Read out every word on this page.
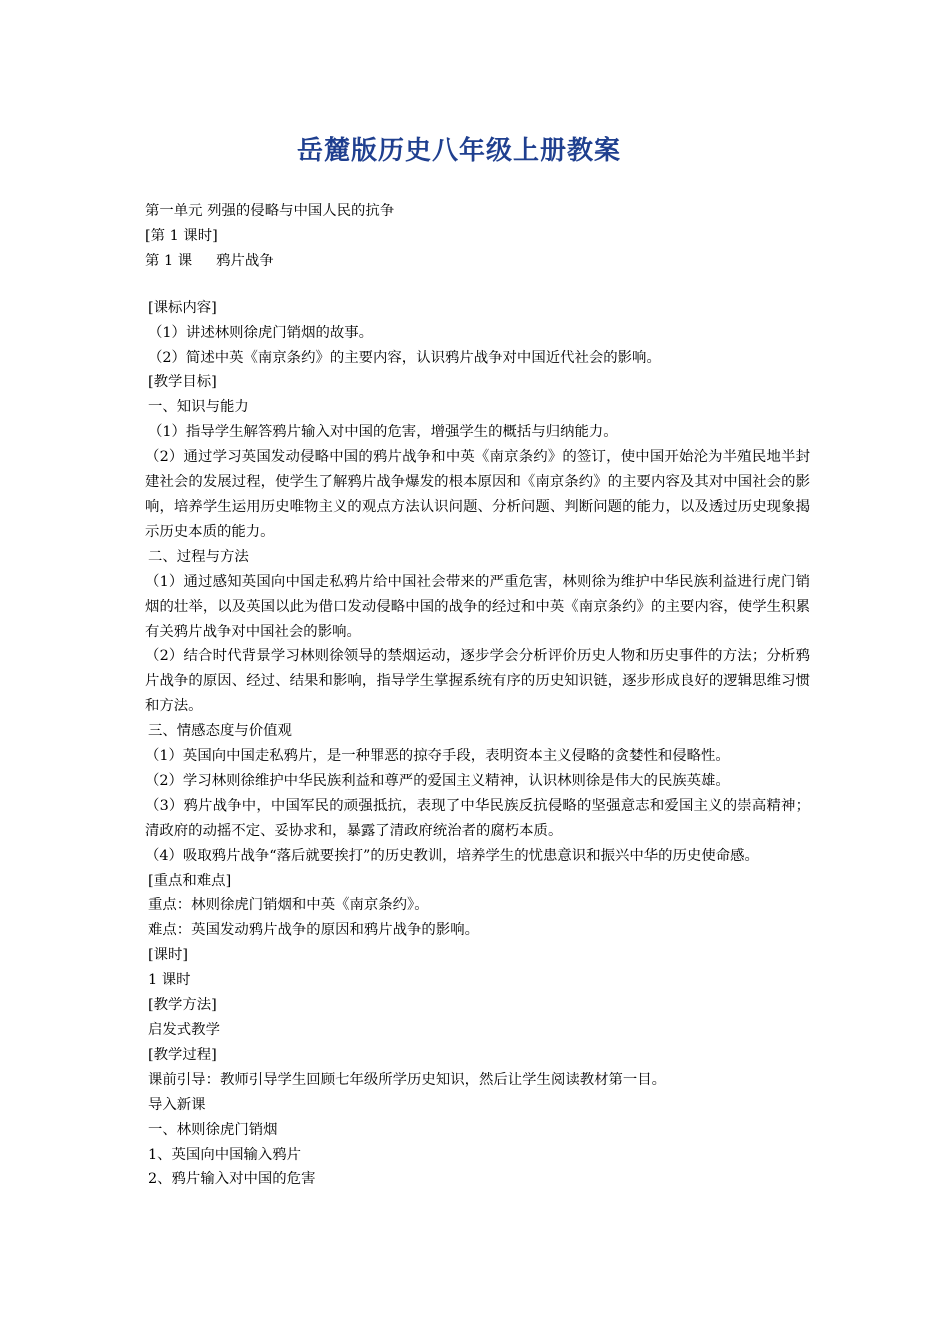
岳麓版历史八年级上册教案
第一单元 列强的侵略与中国人民的抗争
[第 1 课时]
第 1 课 鸦片战争
[课标内容]
（1）讲述林则徐虎门销烟的故事。
（2）简述中英《南京条约》的主要内容，认识鸦片战争对中国近代社会的影响。
[教学目标]
一、知识与能力
（1）指导学生解答鸦片输入对中国的危害，增强学生的概括与归纳能力。
（2）通过学习英国发动侵略中国的鸦片战争和中英《南京条约》的签订，使中国开始沦为半殖民地半封建社会的发展过程，使学生了解鸦片战争爆发的根本原因和《南京条约》的主要内容及其对中国社会的影响，培养学生运用历史唯物主义的观点方法认识问题、分析问题、判断问题的能力，以及透过历史现象揭示历史本质的能力。
二、过程与方法
（1）通过感知英国向中国走私鸦片给中国社会带来的严重危害，林则徐为维护中华民族利益进行虎门销烟的壮举，以及英国以此为借口发动侵略中国的战争的经过和中英《南京条约》的主要内容，使学生积累有关鸦片战争对中国社会的影响。
（2）结合时代背景学习林则徐领导的禁烟运动，逐步学会分析评价历史人物和历史事件的方法；分析鸦片战争的原因、经过、结果和影响，指导学生掌握系统有序的历史知识链，逐步形成良好的逻辑思维习惯和方法。
三、情感态度与价值观
（1）英国向中国走私鸦片，是一种罪恶的掠夺手段，表明资本主义侵略的贪婪性和侵略性。
（2）学习林则徐维护中华民族利益和尊严的爱国主义精神，认识林则徐是伟大的民族英雄。
（3）鸦片战争中，中国军民的顽强抵抗，表现了中华民族反抗侵略的坚强意志和爱国主义的崇高精神；清政府的动摇不定、妥协求和，暴露了清政府统治者的腐朽本质。
（4）吸取鸦片战争“落后就要挨打”的历史教训，培养学生的忧患意识和振兴中华的历史使命感。
[重点和难点]
重点：林则徐虎门销烟和中英《南京条约》。
难点：英国发动鸦片战争的原因和鸦片战争的影响。
[课时]
1 课时
[教学方法]
启发式教学
[教学过程]
课前引导：教师引导学生回顾七年级所学历史知识，然后让学生阅读教材第一目。
导入新课
一、林则徐虎门销烟
1、英国向中国输入鸦片
2、鸦片输入对中国的危害
